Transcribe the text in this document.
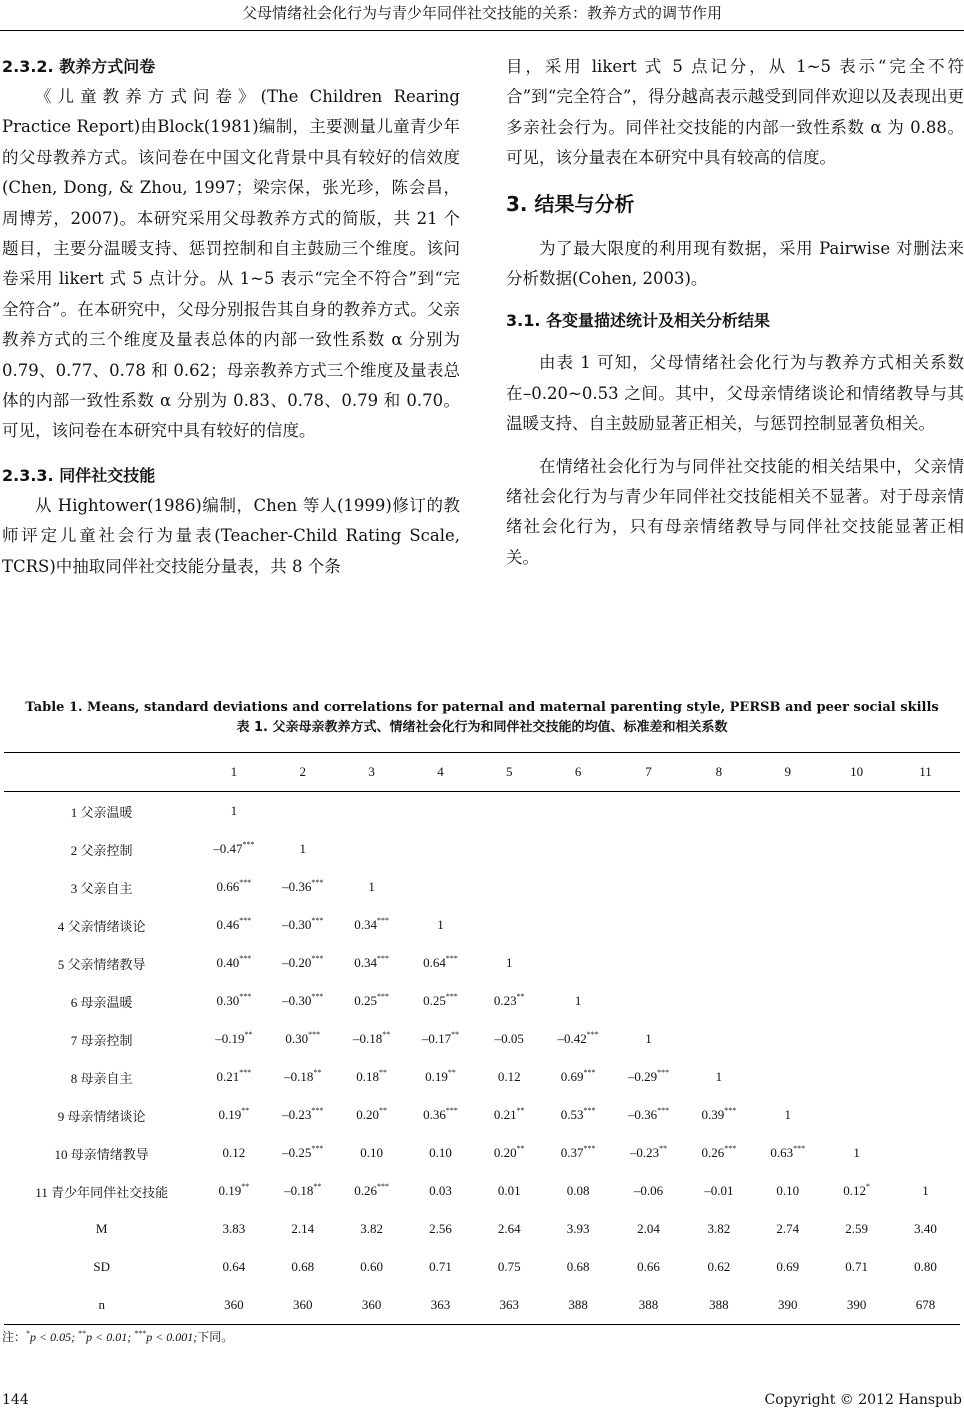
父母情绪社会化行为与青少年同伴社交技能的关系：教养方式的调节作用
2.3.2. 教养方式问卷

《儿童教养方式问卷》(The Children Rearing Practice Report)由Block(1981)编制，主要测量儿童青少年的父母教养方式。该问卷在中国文化背景中具有较好的信效度(Chen, Dong, & Zhou, 1997；梁宗保，张光珍，陈会昌，周博芳，2007)。本研究采用父母教养方式的简版，共 21 个题目，主要分温暖支持、惩罚控制和自主鼓励三个维度。该问卷采用 likert 式 5 点计分。从 1~5 表示“完全不符合”到“完全符合”。在本研究中，父母分别报告其自身的教养方式。父亲教养方式的三个维度及量表总体的内部一致性系数 α 分别为 0.79、0.77、0.78 和 0.62；母亲教养方式三个维度及量表总体的内部一致性系数 α 分别为 0.83、0.78、0.79 和 0.70。可见，该问卷在本研究中具有较好的信度。

2.3.3. 同伴社交技能

从 Hightower(1986)编制，Chen 等人(1999)修订的教师评定儿童社会行为量表(Teacher-Child Rating Scale, TCRS)中抽取同伴社交技能分量表，共 8 个条

目，采用 likert 式 5 点记分，从 1~5 表示“完全不符合”到“完全符合”，得分越高表示越受到同伴欢迎以及表现出更多亲社会行为。同伴社交技能的内部一致性系数 α 为 0.88。可见，该分量表在本研究中具有较高的信度。

3. 结果与分析

为了最大限度的利用现有数据，采用 Pairwise 对删法来分析数据(Cohen, 2003)。

3.1. 各变量描述统计及相关分析结果

由表 1 可知，父母情绪社会化行为与教养方式相关系数在–0.20~0.53 之间。其中，父母亲情绪谈论和情绪教导与其温暖支持、自主鼓励显著正相关，与惩罚控制显著负相关。

在情绪社会化行为与同伴社交技能的相关结果中，父亲情绪社会化行为与青少年同伴社交技能相关不显著。对于母亲情绪社会化行为，只有母亲情绪教导与同伴社交技能显著正相关。

Table 1. Means, standard deviations and correlations for paternal and maternal parenting style, PERSB and peer social skills
表 1. 父亲母亲教养方式、情绪社会化行为和同伴社交技能的均值、标准差和相关系数
	1	2	3	4	5	6	7	8	9	10	11
1 父亲温暖	1										
2 父亲控制	–0.47***	1									
3 父亲自主	0.66***	–0.36***	1								
4 父亲情绪谈论	0.46***	–0.30***	0.34***	1							
5 父亲情绪教导	0.40***	–0.20***	0.34***	0.64***	1						
6 母亲温暖	0.30***	–0.30***	0.25***	0.25***	0.23**	1					
7 母亲控制	–0.19**	0.30***	–0.18**	–0.17**	–0.05	–0.42***	1				
8 母亲自主	0.21***	–0.18**	0.18**	0.19**	0.12	0.69***	–0.29***	1			
9 母亲情绪谈论	0.19**	–0.23***	0.20**	0.36***	0.21**	0.53***	–0.36***	0.39***	1		
10 母亲情绪教导	0.12	–0.25***	0.10	0.10	0.20**	0.37***	–0.23**	0.26***	0.63***	1	
11 青少年同伴社交技能	0.19**	–0.18**	0.26***	0.03	0.01	0.08	–0.06	–0.01	0.10	0.12*	1
M	3.83	2.14	3.82	2.56	2.64	3.93	2.04	3.82	2.74	2.59	3.40
SD	0.64	0.68	0.60	0.71	0.75	0.68	0.66	0.62	0.69	0.71	0.80
n	360	360	360	363	363	388	388	388	390	390	678
注：*p < 0.05; **p < 0.01; ***p < 0.001;下同。
144	Copyright © 2012 Hanspub
